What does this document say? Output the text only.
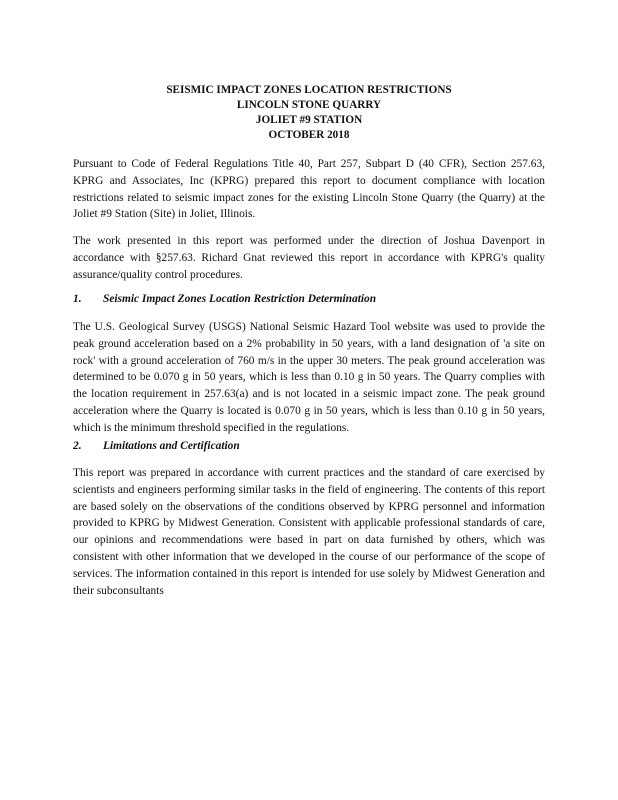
SEISMIC IMPACT ZONES LOCATION RESTRICTIONS
LINCOLN STONE QUARRY
JOLIET #9 STATION
OCTOBER 2018

Pursuant to Code of Federal Regulations Title 40, Part 257, Subpart D (40 CFR), Section 257.63, KPRG and Associates, Inc (KPRG) prepared this report to document compliance with location restrictions related to seismic impact zones for the existing Lincoln Stone Quarry (the Quarry) at the Joliet #9 Station (Site) in Joliet, Illinois.

The work presented in this report was performed under the direction of Joshua Davenport in accordance with §257.63. Richard Gnat reviewed this report in accordance with KPRG's quality assurance/quality control procedures.

1. Seismic Impact Zones Location Restriction Determination

The U.S. Geological Survey (USGS) National Seismic Hazard Tool website was used to provide the peak ground acceleration based on a 2% probability in 50 years, with a land designation of 'a site on rock' with a ground acceleration of 760 m/s in the upper 30 meters. The peak ground acceleration was determined to be 0.070 g in 50 years, which is less than 0.10 g in 50 years. The Quarry complies with the location requirement in 257.63(a) and is not located in a seismic impact zone. The peak ground acceleration where the Quarry is located is 0.070 g in 50 years, which is less than 0.10 g in 50 years, which is the minimum threshold specified in the regulations.

2. Limitations and Certification

This report was prepared in accordance with current practices and the standard of care exercised by scientists and engineers performing similar tasks in the field of engineering. The contents of this report are based solely on the observations of the conditions observed by KPRG personnel and information provided to KPRG by Midwest Generation. Consistent with applicable professional standards of care, our opinions and recommendations were based in part on data furnished by others, which was consistent with other information that we developed in the course of our performance of the scope of services. The information contained in this report is intended for use solely by Midwest Generation and their subconsultants
